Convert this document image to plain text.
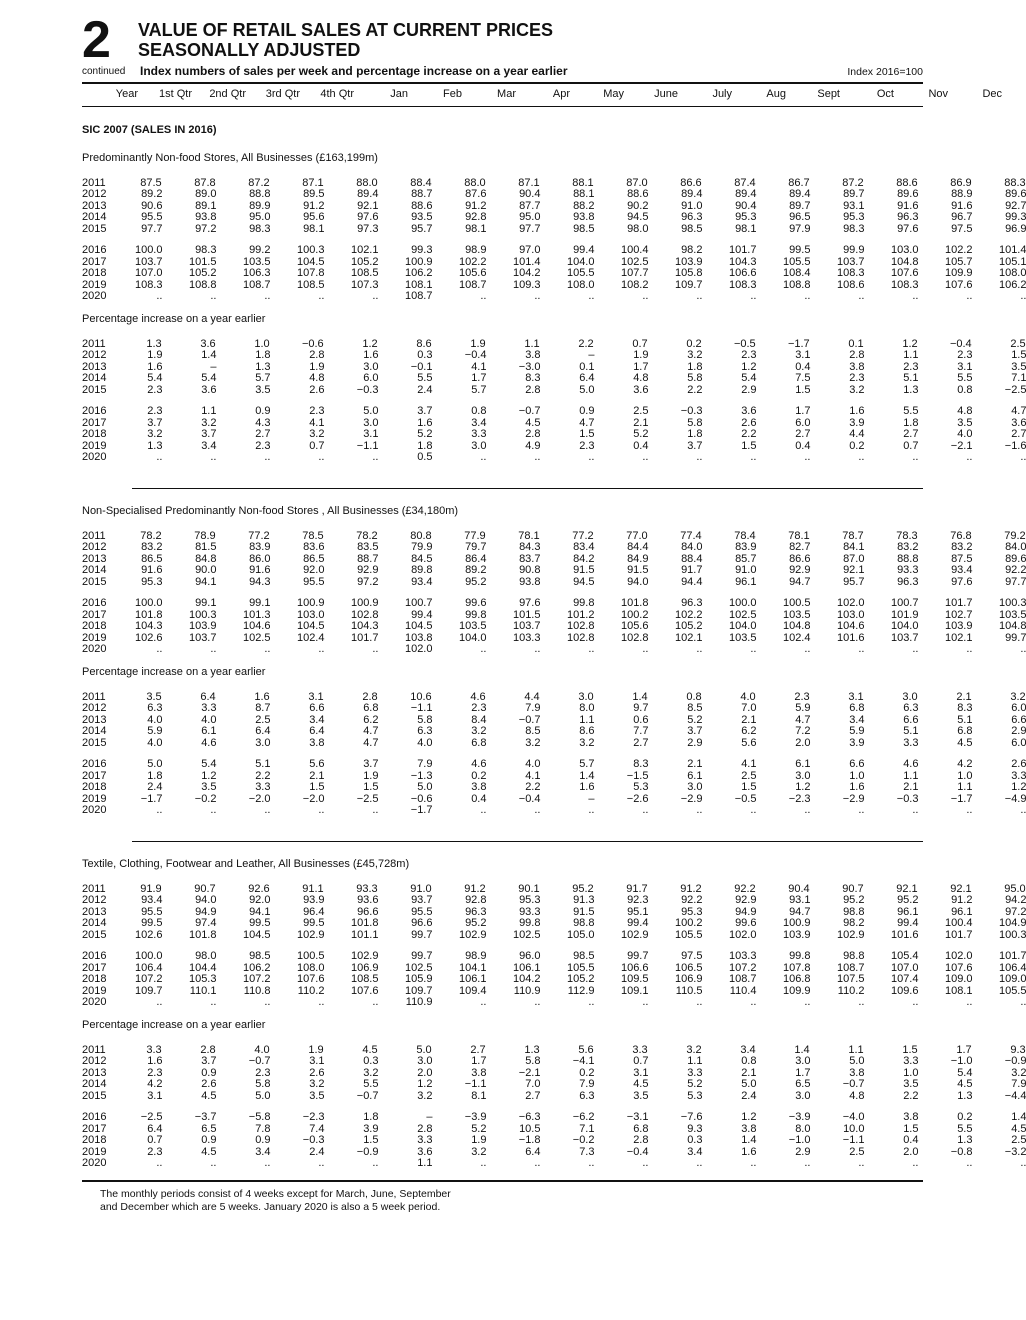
2
continued
VALUE OF RETAIL SALES AT CURRENT PRICES
SEASONALLY ADJUSTED
Index numbers of sales per week and percentage increase on a year earlier	Index 2016=100
Year	1st Qtr	2nd Qtr	3rd Qtr	4th Qtr	Jan	Feb	Mar	Apr	May	June	July	Aug	Sept	Oct	Nov	Dec
SIC 2007 (SALES IN 2016)
Predominantly Non-food Stores, All Businesses (£163,199m)
2011	87.5	87.8	87.2	87.1	88.0	88.4	88.0	87.1	88.1	87.0	86.6	87.4	86.7	87.2	88.6	86.9	88.3
2012	89.2	89.0	88.8	89.5	89.4	88.7	87.6	90.4	88.1	88.6	89.4	89.4	89.4	89.7	89.6	88.9	89.6
2013	90.6	89.1	89.9	91.2	92.1	88.6	91.2	87.7	88.2	90.2	91.0	90.4	89.7	93.1	91.6	91.6	92.7
2014	95.5	93.8	95.0	95.6	97.6	93.5	92.8	95.0	93.8	94.5	96.3	95.3	96.5	95.3	96.3	96.7	99.3
2015	97.7	97.2	98.3	98.1	97.3	95.7	98.1	97.7	98.5	98.0	98.5	98.1	97.9	98.3	97.6	97.5	96.9
2016	100.0	98.3	99.2	100.3	102.1	99.3	98.9	97.0	99.4	100.4	98.2	101.7	99.5	99.9	103.0	102.2	101.4
2017	103.7	101.5	103.5	104.5	105.2	100.9	102.2	101.4	104.0	102.5	103.9	104.3	105.5	103.7	104.8	105.7	105.1
2018	107.0	105.2	106.3	107.8	108.5	106.2	105.6	104.2	105.5	107.7	105.8	106.6	108.4	108.3	107.6	109.9	108.0
2019	108.3	108.8	108.7	108.5	107.3	108.1	108.7	109.3	108.0	108.2	109.7	108.3	108.8	108.6	108.3	107.6	106.2
2020	..	..	..	..	..	108.7	..	..	..	..	..	..	..	..	..	..	..
Percentage increase on a year earlier
2011	1.3	3.6	1.0	−0.6	1.2	8.6	1.9	1.1	2.2	0.7	0.2	−0.5	−1.7	0.1	1.2	−0.4	2.5
2012	1.9	1.4	1.8	2.8	1.6	0.3	−0.4	3.8	–	1.9	3.2	2.3	3.1	2.8	1.1	2.3	1.5
2013	1.6	–	1.3	1.9	3.0	−0.1	4.1	−3.0	0.1	1.7	1.8	1.2	0.4	3.8	2.3	3.1	3.5
2014	5.4	5.4	5.7	4.8	6.0	5.5	1.7	8.3	6.4	4.8	5.8	5.4	7.5	2.3	5.1	5.5	7.1
2015	2.3	3.6	3.5	2.6	−0.3	2.4	5.7	2.8	5.0	3.6	2.2	2.9	1.5	3.2	1.3	0.8	−2.5
2016	2.3	1.1	0.9	2.3	5.0	3.7	0.8	−0.7	0.9	2.5	−0.3	3.6	1.7	1.6	5.5	4.8	4.7
2017	3.7	3.2	4.3	4.1	3.0	1.6	3.4	4.5	4.7	2.1	5.8	2.6	6.0	3.9	1.8	3.5	3.6
2018	3.2	3.7	2.7	3.2	3.1	5.2	3.3	2.8	1.5	5.2	1.8	2.2	2.7	4.4	2.7	4.0	2.7
2019	1.3	3.4	2.3	0.7	−1.1	1.8	3.0	4.9	2.3	0.4	3.7	1.5	0.4	0.2	0.7	−2.1	−1.6
2020	..	..	..	..	..	0.5	..	..	..	..	..	..	..	..	..	..	..
Non-Specialised Predominantly Non-food Stores , All Businesses (£34,180m)
2011	78.2	78.9	77.2	78.5	78.2	80.8	77.9	78.1	77.2	77.0	77.4	78.4	78.1	78.7	78.3	76.8	79.2
2012	83.2	81.5	83.9	83.6	83.5	79.9	79.7	84.3	83.4	84.4	84.0	83.9	82.7	84.1	83.2	83.2	84.0
2013	86.5	84.8	86.0	86.5	88.7	84.5	86.4	83.7	84.2	84.9	88.4	85.7	86.6	87.0	88.8	87.5	89.6
2014	91.6	90.0	91.6	92.0	92.9	89.8	89.2	90.8	91.5	91.5	91.7	91.0	92.9	92.1	93.3	93.4	92.2
2015	95.3	94.1	94.3	95.5	97.2	93.4	95.2	93.8	94.5	94.0	94.4	96.1	94.7	95.7	96.3	97.6	97.7
2016	100.0	99.1	99.1	100.9	100.9	100.7	99.6	97.6	99.8	101.8	96.3	100.0	100.5	102.0	100.7	101.7	100.3
2017	101.8	100.3	101.3	103.0	102.8	99.4	99.8	101.5	101.2	100.2	102.2	102.5	103.5	103.0	101.9	102.7	103.5
2018	104.3	103.9	104.6	104.5	104.3	104.5	103.5	103.7	102.8	105.6	105.2	104.0	104.8	104.6	104.0	103.9	104.8
2019	102.6	103.7	102.5	102.4	101.7	103.8	104.0	103.3	102.8	102.8	102.1	103.5	102.4	101.6	103.7	102.1	99.7
2020	..	..	..	..	..	102.0	..	..	..	..	..	..	..	..	..	..	..
Percentage increase on a year earlier
2011	3.5	6.4	1.6	3.1	2.8	10.6	4.6	4.4	3.0	1.4	0.8	4.0	2.3	3.1	3.0	2.1	3.2
2012	6.3	3.3	8.7	6.6	6.8	−1.1	2.3	7.9	8.0	9.7	8.5	7.0	5.9	6.8	6.3	8.3	6.0
2013	4.0	4.0	2.5	3.4	6.2	5.8	8.4	−0.7	1.1	0.6	5.2	2.1	4.7	3.4	6.6	5.1	6.6
2014	5.9	6.1	6.4	6.4	4.7	6.3	3.2	8.5	8.6	7.7	3.7	6.2	7.2	5.9	5.1	6.8	2.9
2015	4.0	4.6	3.0	3.8	4.7	4.0	6.8	3.2	3.2	2.7	2.9	5.6	2.0	3.9	3.3	4.5	6.0
2016	5.0	5.4	5.1	5.6	3.7	7.9	4.6	4.0	5.7	8.3	2.1	4.1	6.1	6.6	4.6	4.2	2.6
2017	1.8	1.2	2.2	2.1	1.9	−1.3	0.2	4.1	1.4	−1.5	6.1	2.5	3.0	1.0	1.1	1.0	3.3
2018	2.4	3.5	3.3	1.5	1.5	5.0	3.8	2.2	1.6	5.3	3.0	1.5	1.2	1.6	2.1	1.1	1.2
2019	−1.7	−0.2	−2.0	−2.0	−2.5	−0.6	0.4	−0.4	–	−2.6	−2.9	−0.5	−2.3	−2.9	−0.3	−1.7	−4.9
2020	..	..	..	..	..	−1.7	..	..	..	..	..	..	..	..	..	..	..
Textile, Clothing, Footwear and Leather, All Businesses (£45,728m)
2011	91.9	90.7	92.6	91.1	93.3	91.0	91.2	90.1	95.2	91.7	91.2	92.2	90.4	90.7	92.1	92.1	95.0
2012	93.4	94.0	92.0	93.9	93.6	93.7	92.8	95.3	91.3	92.3	92.2	92.9	93.1	95.2	95.2	91.2	94.2
2013	95.5	94.9	94.1	96.4	96.6	95.5	96.3	93.3	91.5	95.1	95.3	94.9	94.7	98.8	96.1	96.1	97.2
2014	99.5	97.4	99.5	99.5	101.8	96.6	95.2	99.8	98.8	99.4	100.2	99.6	100.9	98.2	99.4	100.4	104.9
2015	102.6	101.8	104.5	102.9	101.1	99.7	102.9	102.5	105.0	102.9	105.5	102.0	103.9	102.9	101.6	101.7	100.3
2016	100.0	98.0	98.5	100.5	102.9	99.7	98.9	96.0	98.5	99.7	97.5	103.3	99.8	98.8	105.4	102.0	101.7
2017	106.4	104.4	106.2	108.0	106.9	102.5	104.1	106.1	105.5	106.6	106.5	107.2	107.8	108.7	107.0	107.6	106.4
2018	107.2	105.3	107.2	107.6	108.5	105.9	106.1	104.2	105.2	109.5	106.9	108.7	106.8	107.5	107.4	109.0	109.0
2019	109.7	110.1	110.8	110.2	107.6	109.7	109.4	110.9	112.9	109.1	110.5	110.4	109.9	110.2	109.6	108.1	105.5
2020	..	..	..	..	..	110.9	..	..	..	..	..	..	..	..	..	..	..
Percentage increase on a year earlier
2011	3.3	2.8	4.0	1.9	4.5	5.0	2.7	1.3	5.6	3.3	3.2	3.4	1.4	1.1	1.5	1.7	9.3
2012	1.6	3.7	−0.7	3.1	0.3	3.0	1.7	5.8	−4.1	0.7	1.1	0.8	3.0	5.0	3.3	−1.0	−0.9
2013	2.3	0.9	2.3	2.6	3.2	2.0	3.8	−2.1	0.2	3.1	3.3	2.1	1.7	3.8	1.0	5.4	3.2
2014	4.2	2.6	5.8	3.2	5.5	1.2	−1.1	7.0	7.9	4.5	5.2	5.0	6.5	−0.7	3.5	4.5	7.9
2015	3.1	4.5	5.0	3.5	−0.7	3.2	8.1	2.7	6.3	3.5	5.3	2.4	3.0	4.8	2.2	1.3	−4.4
2016	−2.5	−3.7	−5.8	−2.3	1.8	–	−3.9	−6.3	−6.2	−3.1	−7.6	1.2	−3.9	−4.0	3.8	0.2	1.4
2017	6.4	6.5	7.8	7.4	3.9	2.8	5.2	10.5	7.1	6.8	9.3	3.8	8.0	10.0	1.5	5.5	4.5
2018	0.7	0.9	0.9	−0.3	1.5	3.3	1.9	−1.8	−0.2	2.8	0.3	1.4	−1.0	−1.1	0.4	1.3	2.5
2019	2.3	4.5	3.4	2.4	−0.9	3.6	3.2	6.4	7.3	−0.4	3.4	1.6	2.9	2.5	2.0	−0.8	−3.2
2020	..	..	..	..	..	1.1	..	..	..	..	..	..	..	..	..	..	..
The monthly periods consist of 4 weeks except for March, June, September
and December which are 5 weeks. January 2020 is also a 5 week period.
